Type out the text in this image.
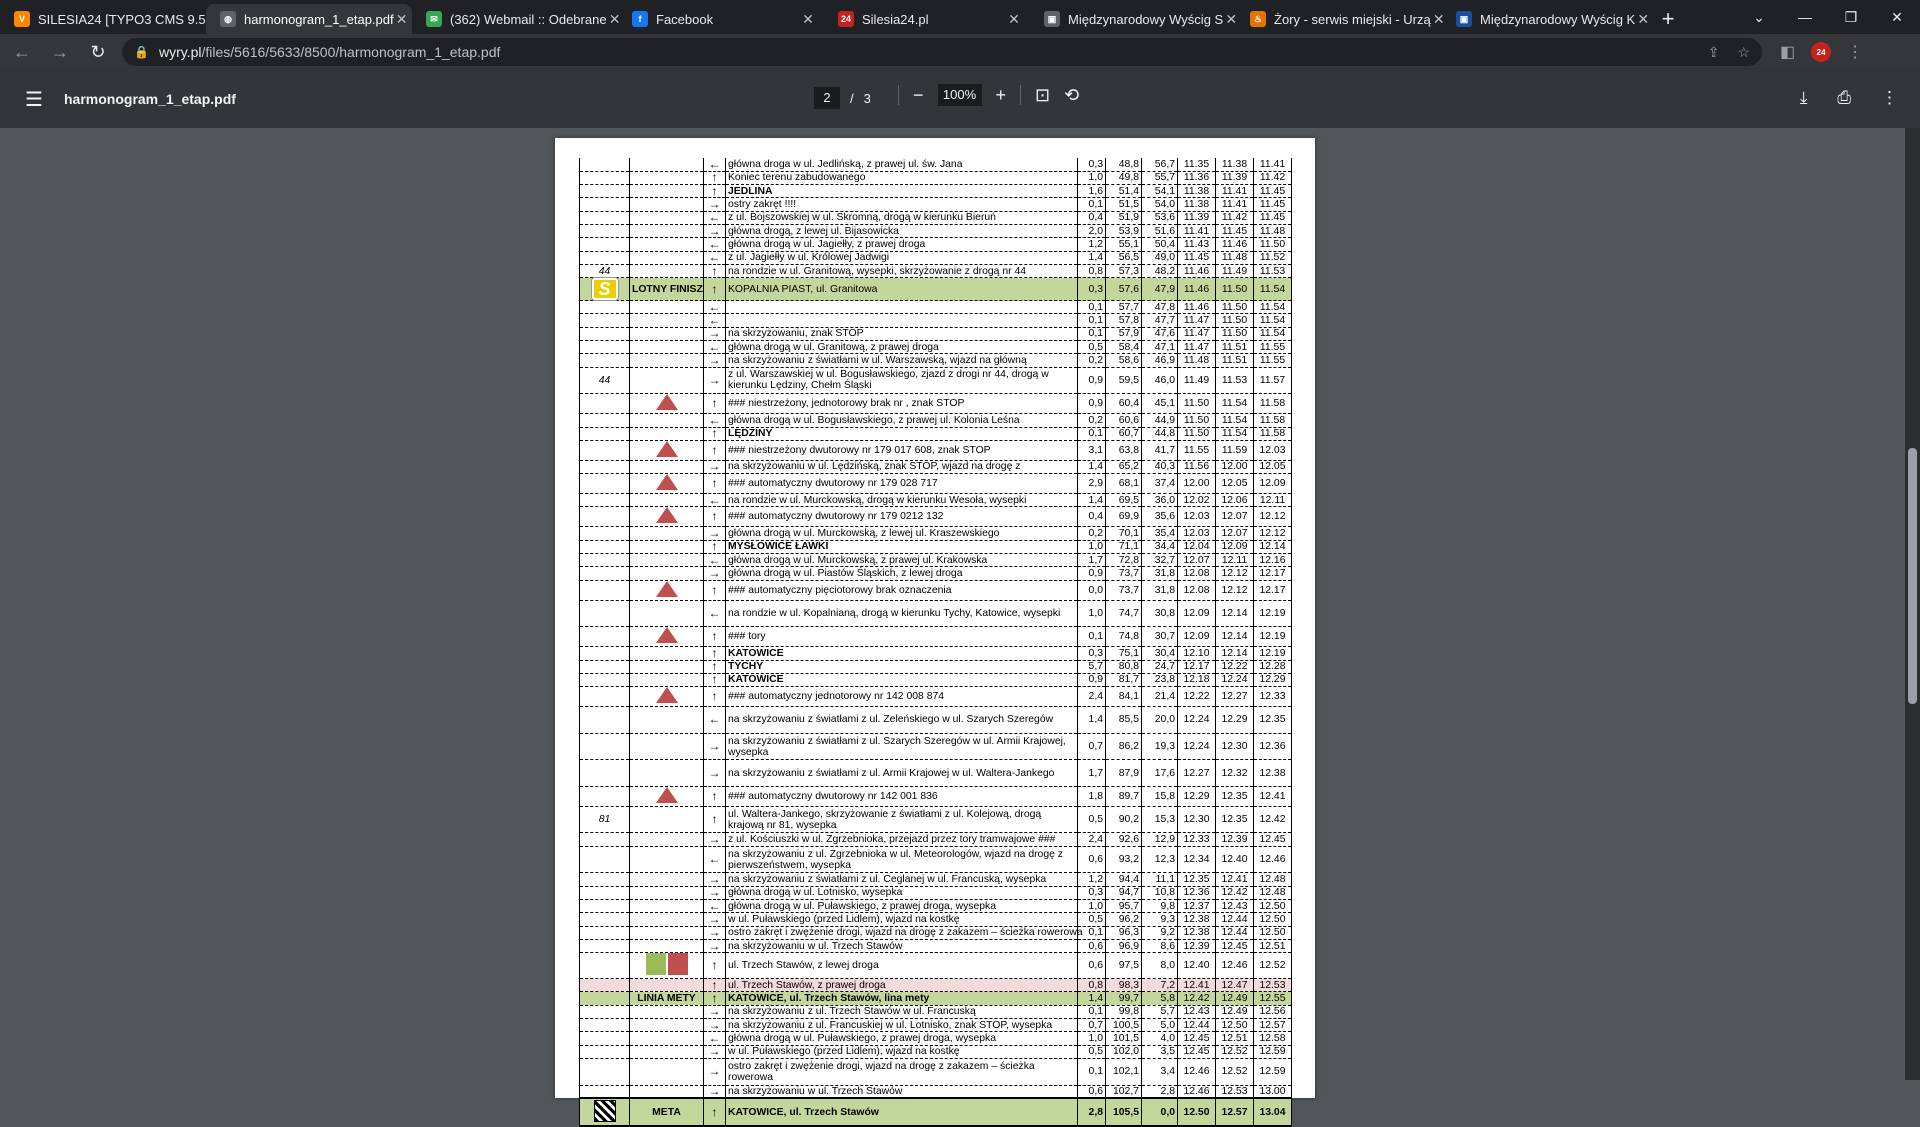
V	SILESIA24 [TYPO3 CMS 9.5	◍ harmonogram_1_etap.pdf ✕	✉ (362) Webmail :: Odebrane ✕	f	Facebook	✕	24 Silesia24.pl	✕	▣ Międzynarodowy Wyścig S ✕	♨ Żory - serwis miejski - Urzą ✕	▣ Międzynarodowy Wyścig K ✕ +	⌄	—	❐	✕
←	→	↻	🔒 wyry.pl /files/5616/5633/8500/harmonogram_1_etap.pdf	⇪ ☆ ◧	24	⋮
☰	harmonogram_1_etap.pdf	2	/ 3 −	100% + ⊡ ⟲	⤓ ⎙ ⋮
		←	główna droga w ul. Jedlińską, z prawej ul. św. Jana	0,3	48,8	56,7	11.35	11.38	11.41
		↑	Koniec terenu zabudowanego	1,0	49,8	55,7	11.36	11.39	11.42
		↑	JEDLINA	1,6	51,4	54,1	11.38	11.41	11.45
		→	ostry zakręt !!!!	0,1	51,5	54,0	11.38	11.41	11.45
		←	z ul. Bojszowskiej w ul. Skromną, drogą w kierunku Bieruń	0,4	51,9	53,6	11.39	11.42	11.45
		→	główna drogą, z lewej ul. Bijasowicka	2,0	53,9	51,6	11.41	11.45	11.48
		←	główna drogą w ul. Jagiełły, z prawej droga	1,2	55,1	50,4	11.43	11.46	11.50
		←	z ul. Jagiełły w ul. Królowej Jadwigi	1,4	56,5	49,0	11.45	11.48	11.52
44		↑	na rondzie w ul. Granitową, wysepki, skrzyżowanie z drogą nr 44	0,8	57,3	48,2	11.46	11.49	11.53
S	LOTNY FINISZ	↑	KOPALNIA PIAST, ul. Granitowa	0,3	57,6	47,9	11.46	11.50	11.54
		←		0,1	57,7	47,8	11.46	11.50	11.54
		←		0,1	57,8	47,7	11.47	11.50	11.54
		→	na skrzyżowaniu, znak STOP	0,1	57,9	47,6	11.47	11.50	11.54
		←	główna drogą w ul. Granitową, z prawej droga	0,5	58,4	47,1	11.47	11.51	11.55
		→	na skrzyżowaniu z światłami w ul. Warszawską, wjazd na główną	0,2	58,6	46,9	11.48	11.51	11.55
44		→	z ul. Warszawskiej w ul. Bogusławskiego, zjazd z drogi nr 44, drogą w kierunku Lędziny, Chełm Śląski	0,9	59,5	46,0	11.49	11.53	11.57
		↑	### niestrzeżony, jednotorowy brak nr , znak STOP	0,9	60,4	45,1	11.50	11.54	11.58
		←	główna drogą w ul. Bogusławskiego, z prawej ul. Kolonia Leśna	0,2	60,6	44,9	11.50	11.54	11.58
		↑	LĘDZINY	0,1	60,7	44,8	11.50	11.54	11.58
		↑	### niestrzeżony dwutorowy nr 179 017 608, znak STOP	3,1	63,8	41,7	11.55	11.59	12.03
		→	na skrzyżowaniu w ul. Lędzińską, znak STOP, wjazd na drogę z	1,4	65,2	40,3	11.56	12.00	12.05
		↑	### automatyczny dwutorowy nr 179 028 717	2,9	68,1	37,4	12.00	12.05	12.09
		←	na rondzie w ul. Murckowską, drogą w kierunku Wesoła, wysepki	1,4	69,5	36,0	12.02	12.06	12.11
		↑	### automatyczny dwutorowy nr 179 0212 132	0,4	69,9	35,6	12.03	12.07	12.12
		→	główna drogą w ul. Murckowską, z lewej ul. Kraszewskiego	0,2	70,1	35,4	12.03	12.07	12.12
		↑	MYSŁOWICE ŁAWKI	1,0	71,1	34,4	12.04	12.09	12.14
		←	główna drogą w ul. Murckowską, z prawej ul. Krakowska	1,7	72,8	32,7	12.07	12.11	12.16
		→	główna drogą w ul. Piastów Śląskich, z lewej droga	0,9	73,7	31,8	12.08	12.12	12.17
		↑	### automatyczny pięciotorowy brak oznaczenia	0,0	73,7	31,8	12.08	12.12	12.17
		←	na rondzie w ul. Kopalnianą, drogą w kierunku Tychy, Katowice, wysepki	1,0	74,7	30,8	12.09	12.14	12.19
		↑	### tory	0,1	74,8	30,7	12.09	12.14	12.19
		↑	KATOWICE	0,3	75,1	30,4	12.10	12.14	12.19
		↑	TYCHY	5,7	80,8	24,7	12.17	12.22	12.28
		↑	KATOWICE	0,9	81,7	23,8	12.18	12.24	12.29
		↑	### automatyczny jednotorowy nr 142 008 874	2,4	84,1	21,4	12.22	12.27	12.33
		←	na skrzyżowaniu z światłami z ul. Zeleńskiego w ul. Szarych Szeregów	1,4	85,5	20,0	12.24	12.29	12.35
		→	na skrzyżowaniu z światłami z ul. Szarych Szeregów w ul. Armii Krajowej, wysepka	0,7	86,2	19,3	12.24	12.30	12.36
		→	na skrzyżowaniu z światłami z ul. Armii Krajowej w ul. Waltera-Jankego	1,7	87,9	17,6	12.27	12.32	12.38
		↑	### automatyczny dwutorowy nr 142 001 836	1,8	89,7	15,8	12.29	12.35	12.41
81		↑	ul. Waltera-Jankego, skrzyżowanie z światłami z ul. Kolejową, drogą krajową nr 81, wysepka	0,5	90,2	15,3	12.30	12.35	12.42
		→	z ul. Kościuszki w ul. Zgrzebnioka, przejazd przez tory tramwajowe ###	2,4	92,6	12,9	12.33	12.39	12.45
		←	na skrzyżowaniu z ul. Zgrzebnioka w ul. Meteorologów, wjazd na drogę z pierwszeństwem, wysepka	0,6	93,2	12,3	12.34	12.40	12.46
		→	na skrzyżowaniu z światłami z ul. Ceglanej w ul. Francuską, wysepka	1,2	94,4	11,1	12.35	12.41	12.48
		→	główna drogą w ul. Lotnisko, wysepka	0,3	94,7	10,8	12.36	12.42	12.48
		←	główna drogą w ul. Puławskiego, z prawej droga, wysepka	1,0	95,7	9,8	12.37	12.43	12.50
		→	w ul. Puławskiego (przed Lidlem), wjazd na kostkę	0,5	96,2	9,3	12.38	12.44	12.50
		→	ostro zakręt i zwężenie drogi, wjazd na drogę z zakazem – ścieżka rowerowa	0,1	96,3	9,2	12.38	12.44	12.50
		→	na skrzyżowaniu w ul. Trzech Stawów	0,6	96,9	8,6	12.39	12.45	12.51
		↑	ul. Trzech Stawów, z lewej droga	0,6	97,5	8,0	12.40	12.46	12.52
		↑	ul. Trzech Stawów, z prawej droga	0,8	98,3	7,2	12.41	12.47	12.53
	LINIA METY	↑	KATOWICE, ul. Trzech Stawów, lina mety	1,4	99,7	5,8	12.42	12.49	12.55
		→	na skrzyżowaniu z ul. Trzech Stawów w ul. Francuską	0,1	99,8	5,7	12.43	12.49	12.56
		→	na skrzyżowaniu z ul. Francuskiej w ul. Lotnisko, znak STOP, wysepka	0,7	100,5	5,0	12.44	12.50	12.57
		←	główna drogą w ul. Puławskiego, z prawej droga, wysepka	1,0	101,5	4,0	12.45	12.51	12.58
		→	w ul. Puławskiego (przed Lidlem), wjazd na kostkę	0,5	102,0	3,5	12.45	12.52	12.59
		→	ostro zakręt i zwężenie drogi, wjazd na drogę z zakazem – ścieżka rowerowa	0,1	102,1	3,4	12.46	12.52	12.59
		→	na skrzyżowaniu w ul. Trzech Stawów	0,6	102,7	2,8	12.46	12.53	13.00
	META	↑	KATOWICE, ul. Trzech Stawów	2,8	105,5	0,0	12.50	12.57	13.04
